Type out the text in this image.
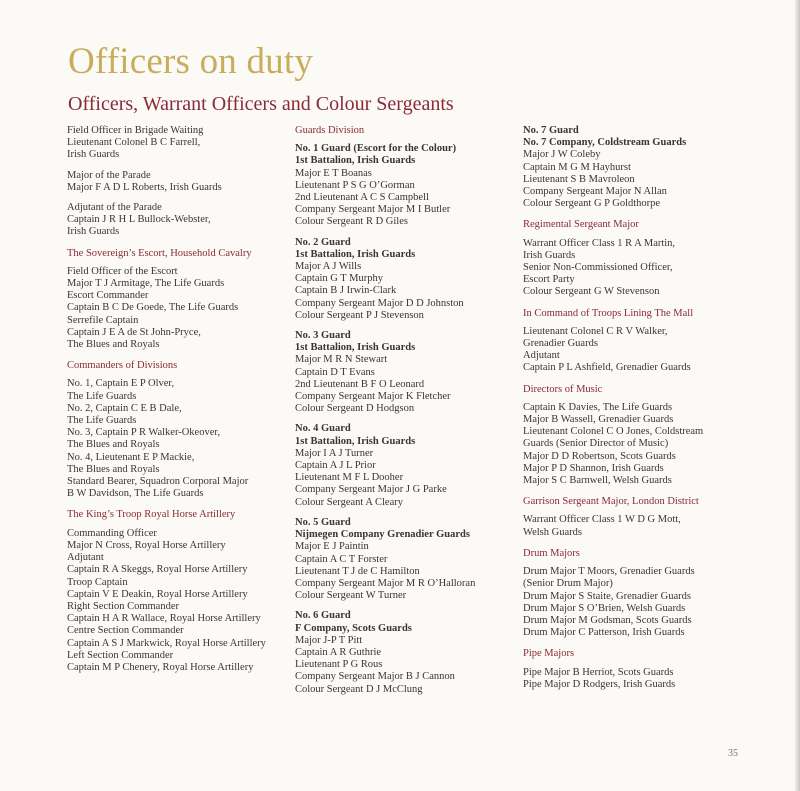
Officers on duty
Officers, Warrant Officers and Colour Sergeants
Field Officer in Brigade Waiting
Lieutenant Colonel B C Farrell,
Irish Guards
Major of the Parade
Major F A D L Roberts, Irish Guards
Adjutant of the Parade
Captain J R H L Bullock-Webster,
Irish Guards
The Sovereign’s Escort, Household Cavalry
Field Officer of the Escort
Major T J Armitage, The Life Guards
Escort Commander
Captain B C De Goede, The Life Guards
Serrefile Captain
Captain J E A de St John-Pryce,
The Blues and Royals
Commanders of Divisions
No. 1, Captain E P Olver,
The Life Guards
No. 2, Captain C E B Dale,
The Life Guards
No. 3, Captain P R Walker-Okeover,
The Blues and Royals
No. 4, Lieutenant E P Mackie,
The Blues and Royals
Standard Bearer, Squadron Corporal Major
B W Davidson, The Life Guards
The King’s Troop Royal Horse Artillery
Commanding Officer
Major N Cross, Royal Horse Artillery
Adjutant
Captain R A Skeggs, Royal Horse Artillery
Troop Captain
Captain V E Deakin, Royal Horse Artillery
Right Section Commander
Captain H A R Wallace, Royal Horse Artillery
Centre Section Commander
Captain A S J Markwick, Royal Horse Artillery
Left Section Commander
Captain M P Chenery, Royal Horse Artillery
Guards Division
No. 1 Guard (Escort for the Colour)
1st Battalion, Irish Guards
Major E T Boanas
Lieutenant P S G O’Gorman
2nd Lieutenant A C S Campbell
Company Sergeant Major M I Butler
Colour Sergeant R D Giles
No. 2 Guard
1st Battalion, Irish Guards
Major A J Wills
Captain G T Murphy
Captain B J Irwin-Clark
Company Sergeant Major D D Johnston
Colour Sergeant P J Stevenson
No. 3 Guard
1st Battalion, Irish Guards
Major M R N Stewart
Captain D T Evans
2nd Lieutenant B F O Leonard
Company Sergeant Major K Fletcher
Colour Sergeant D Hodgson
No. 4 Guard
1st Battalion, Irish Guards
Major I A J Turner
Captain A J L Prior
Lieutenant M F L Dooher
Company Sergeant Major J G Parke
Colour Sergeant A Cleary
No. 5 Guard
Nijmegen Company Grenadier Guards
Major E J Paintin
Captain A C T Forster
Lieutenant T J de C Hamilton
Company Sergeant Major M R O’Halloran
Colour Sergeant W Turner
No. 6 Guard
F Company, Scots Guards
Major J-P T Pitt
Captain A R Guthrie
Lieutenant P G Rous
Company Sergeant Major B J Cannon
Colour Sergeant D J McClung
No. 7 Guard
No. 7 Company, Coldstream Guards
Major J W Coleby
Captain M G M Hayhurst
Lieutenant S B Mavroleon
Company Sergeant Major N Allan
Colour Sergeant G P Goldthorpe
Regimental Sergeant Major
Warrant Officer Class 1 R A Martin,
Irish Guards
Senior Non-Commissioned Officer,
Escort Party
Colour Sergeant G W Stevenson
In Command of Troops Lining The Mall
Lieutenant Colonel C R V Walker,
Grenadier Guards
Adjutant
Captain P L Ashfield, Grenadier Guards
Directors of Music
Captain K Davies, The Life Guards
Major B Wassell, Grenadier Guards
Lieutenant Colonel C O Jones, Coldstream
Guards (Senior Director of Music)
Major D D Robertson, Scots Guards
Major P D Shannon, Irish Guards
Major S C Barnwell, Welsh Guards
Garrison Sergeant Major, London District
Warrant Officer Class 1 W D G Mott,
Welsh Guards
Drum Majors
Drum Major T Moors, Grenadier Guards
(Senior Drum Major)
Drum Major S Staite, Grenadier Guards
Drum Major S O’Brien, Welsh Guards
Drum Major M Godsman, Scots Guards
Drum Major C Patterson, Irish Guards
Pipe Majors
Pipe Major B Herriot, Scots Guards
Pipe Major D Rodgers, Irish Guards
35
